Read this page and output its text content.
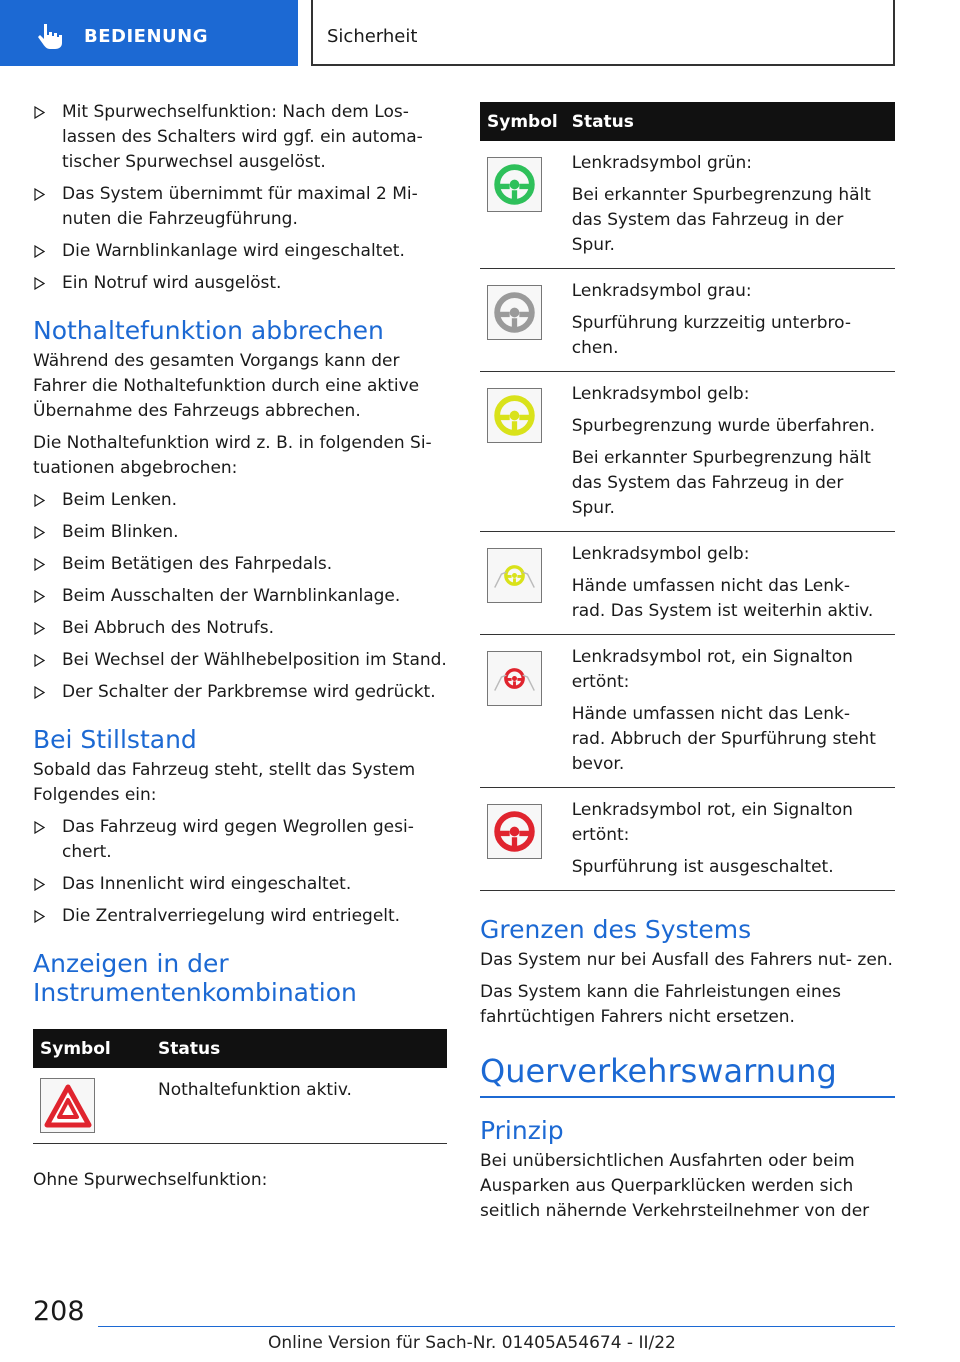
BEDIENUNG	Sicherheit
Mit Spurwechselfunktion: Nach dem Los- lassen des Schalters wird ggf. ein automa- tischer Spurwechsel ausgelöst.
Das System übernimmt für maximal 2 Mi- nuten die Fahrzeugführung.
Die Warnblinkanlage wird eingeschaltet.
Ein Notruf wird ausgelöst.
Nothaltefunktion abbrechen

Während des gesamten Vorgangs kann der Fahrer die Nothaltefunktion durch eine aktive Übernahme des Fahrzeugs abbrechen.

Die Nothaltefunktion wird z. B. in folgenden Si- tuationen abgebrochen:

Beim Lenken.
Beim Blinken.
Beim Betätigen des Fahrpedals.
Beim Ausschalten der Warnblinkanlage.
Bei Abbruch des Notrufs.
Bei Wechsel der Wählhebelposition im Stand.
Der Schalter der Parkbremse wird gedrückt.
Bei Stillstand

Sobald das Fahrzeug steht, stellt das System Folgendes ein:

Das Fahrzeug wird gegen Wegrollen gesi- chert.
Das Innenlicht wird eingeschaltet.
Die Zentralverriegelung wird entriegelt.
Anzeigen in der Instrumentenkombination
Symbol	Status

Nothaltefunktion aktiv.

Ohne Spurwechselfunktion:

Symbol	Status

Lenkradsymbol grün:

Bei erkannter Spurbegrenzung hält das System das Fahrzeug in der Spur.

Lenkradsymbol grau:

Spurführung kurzzeitig unterbro- chen.

Lenkradsymbol gelb:

Spurbegrenzung wurde überfahren.

Bei erkannter Spurbegrenzung hält das System das Fahrzeug in der Spur.

Lenkradsymbol gelb:

Hände umfassen nicht das Lenk- rad. Das System ist weiterhin aktiv.

Lenkradsymbol rot, ein Signalton ertönt:

Hände umfassen nicht das Lenk- rad. Abbruch der Spurführung steht bevor.

Lenkradsymbol rot, ein Signalton ertönt:

Spurführung ist ausgeschaltet.

Grenzen des Systems

Das System nur bei Ausfall des Fahrers nut- zen.

Das System kann die Fahrleistungen eines fahrtüchtigen Fahrers nicht ersetzen.

Querverkehrswarnung
Prinzip

Bei unübersichtlichen Ausfahrten oder beim Ausparken aus Querparklücken werden sich seitlich nähernde Verkehrsteilnehmer von der

208
Online Version für Sach-Nr. 01405A54674 - II/22
